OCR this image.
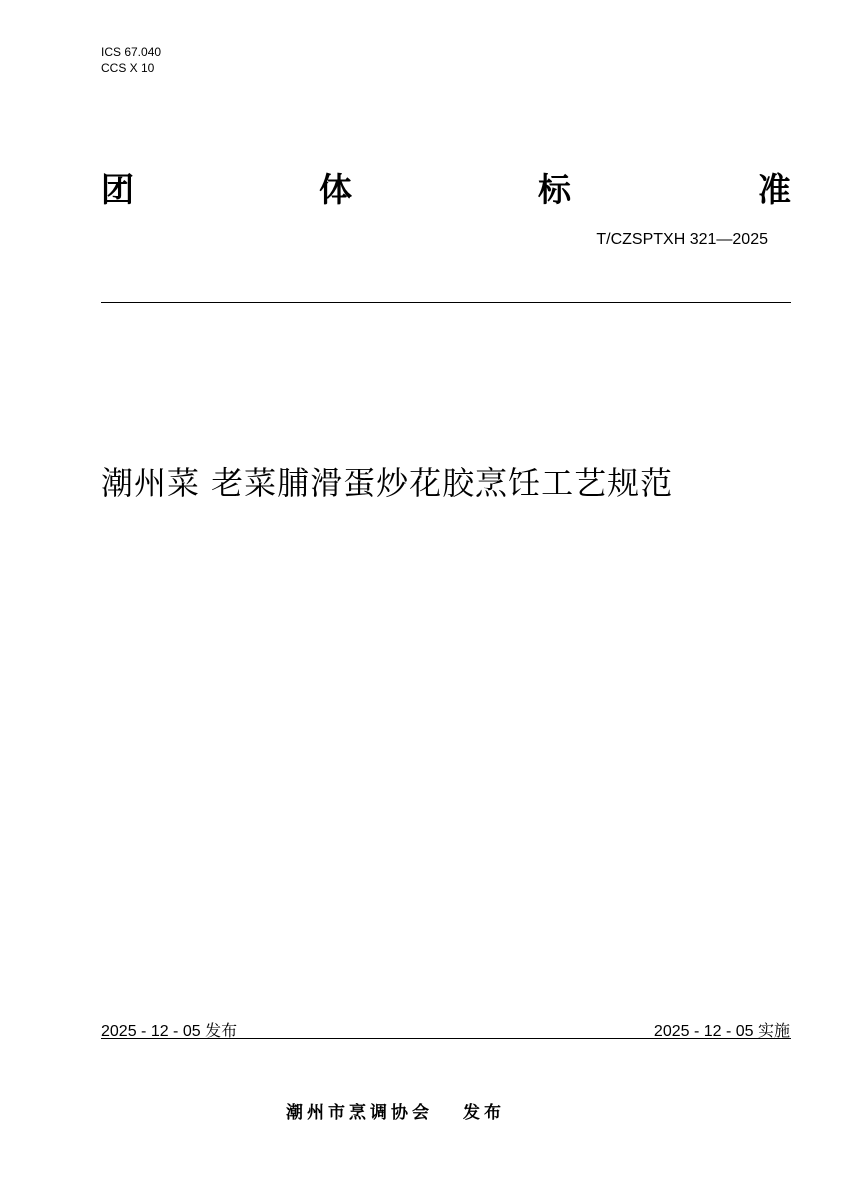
ICS 67.040
CCS X 10
团	体	标	准
T/CZSPTXH 321—2025
潮州菜 老菜脯滑蛋炒花胶烹饪工艺规范
2025 - 12 - 05 发布	2025 - 12 - 05 实施
潮州市烹调协会 发布
